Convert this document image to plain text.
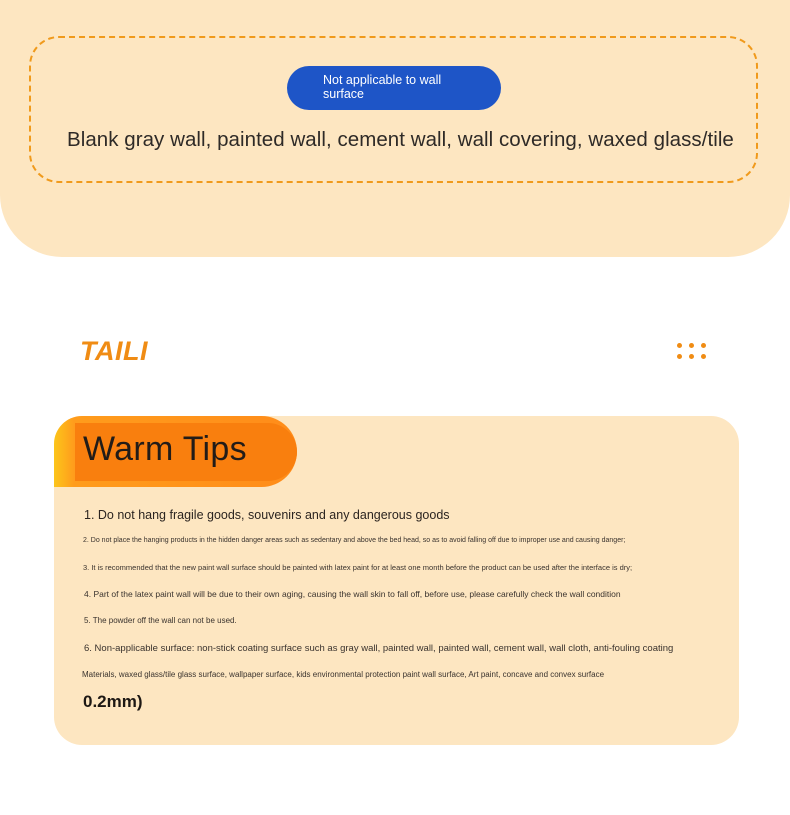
Not applicable to wall surface
Blank gray wall, painted wall, cement wall, wall covering, waxed glass/tile
TAILI
Warm Tips
1. Do not hang fragile goods, souvenirs and any dangerous goods
2. Do not place the hanging products in the hidden danger areas such as sedentary and above the bed head, so as to avoid falling off due to improper use and causing danger;
3. It is recommended that the new paint wall surface should be painted with latex paint for at least one month before the product can be used after the interface is dry;
4. Part of the latex paint wall will be due to their own aging, causing the wall skin to fall off, before use, please carefully check the wall condition
5. The powder off the wall can not be used.
6. Non-applicable surface: non-stick coating surface such as gray wall, painted wall, painted wall, cement wall, wall cloth, anti-fouling coating
Materials, waxed glass/tile glass surface, wallpaper surface, kids environmental protection paint wall surface, Art paint, concave and convex surface
0.2mm)
